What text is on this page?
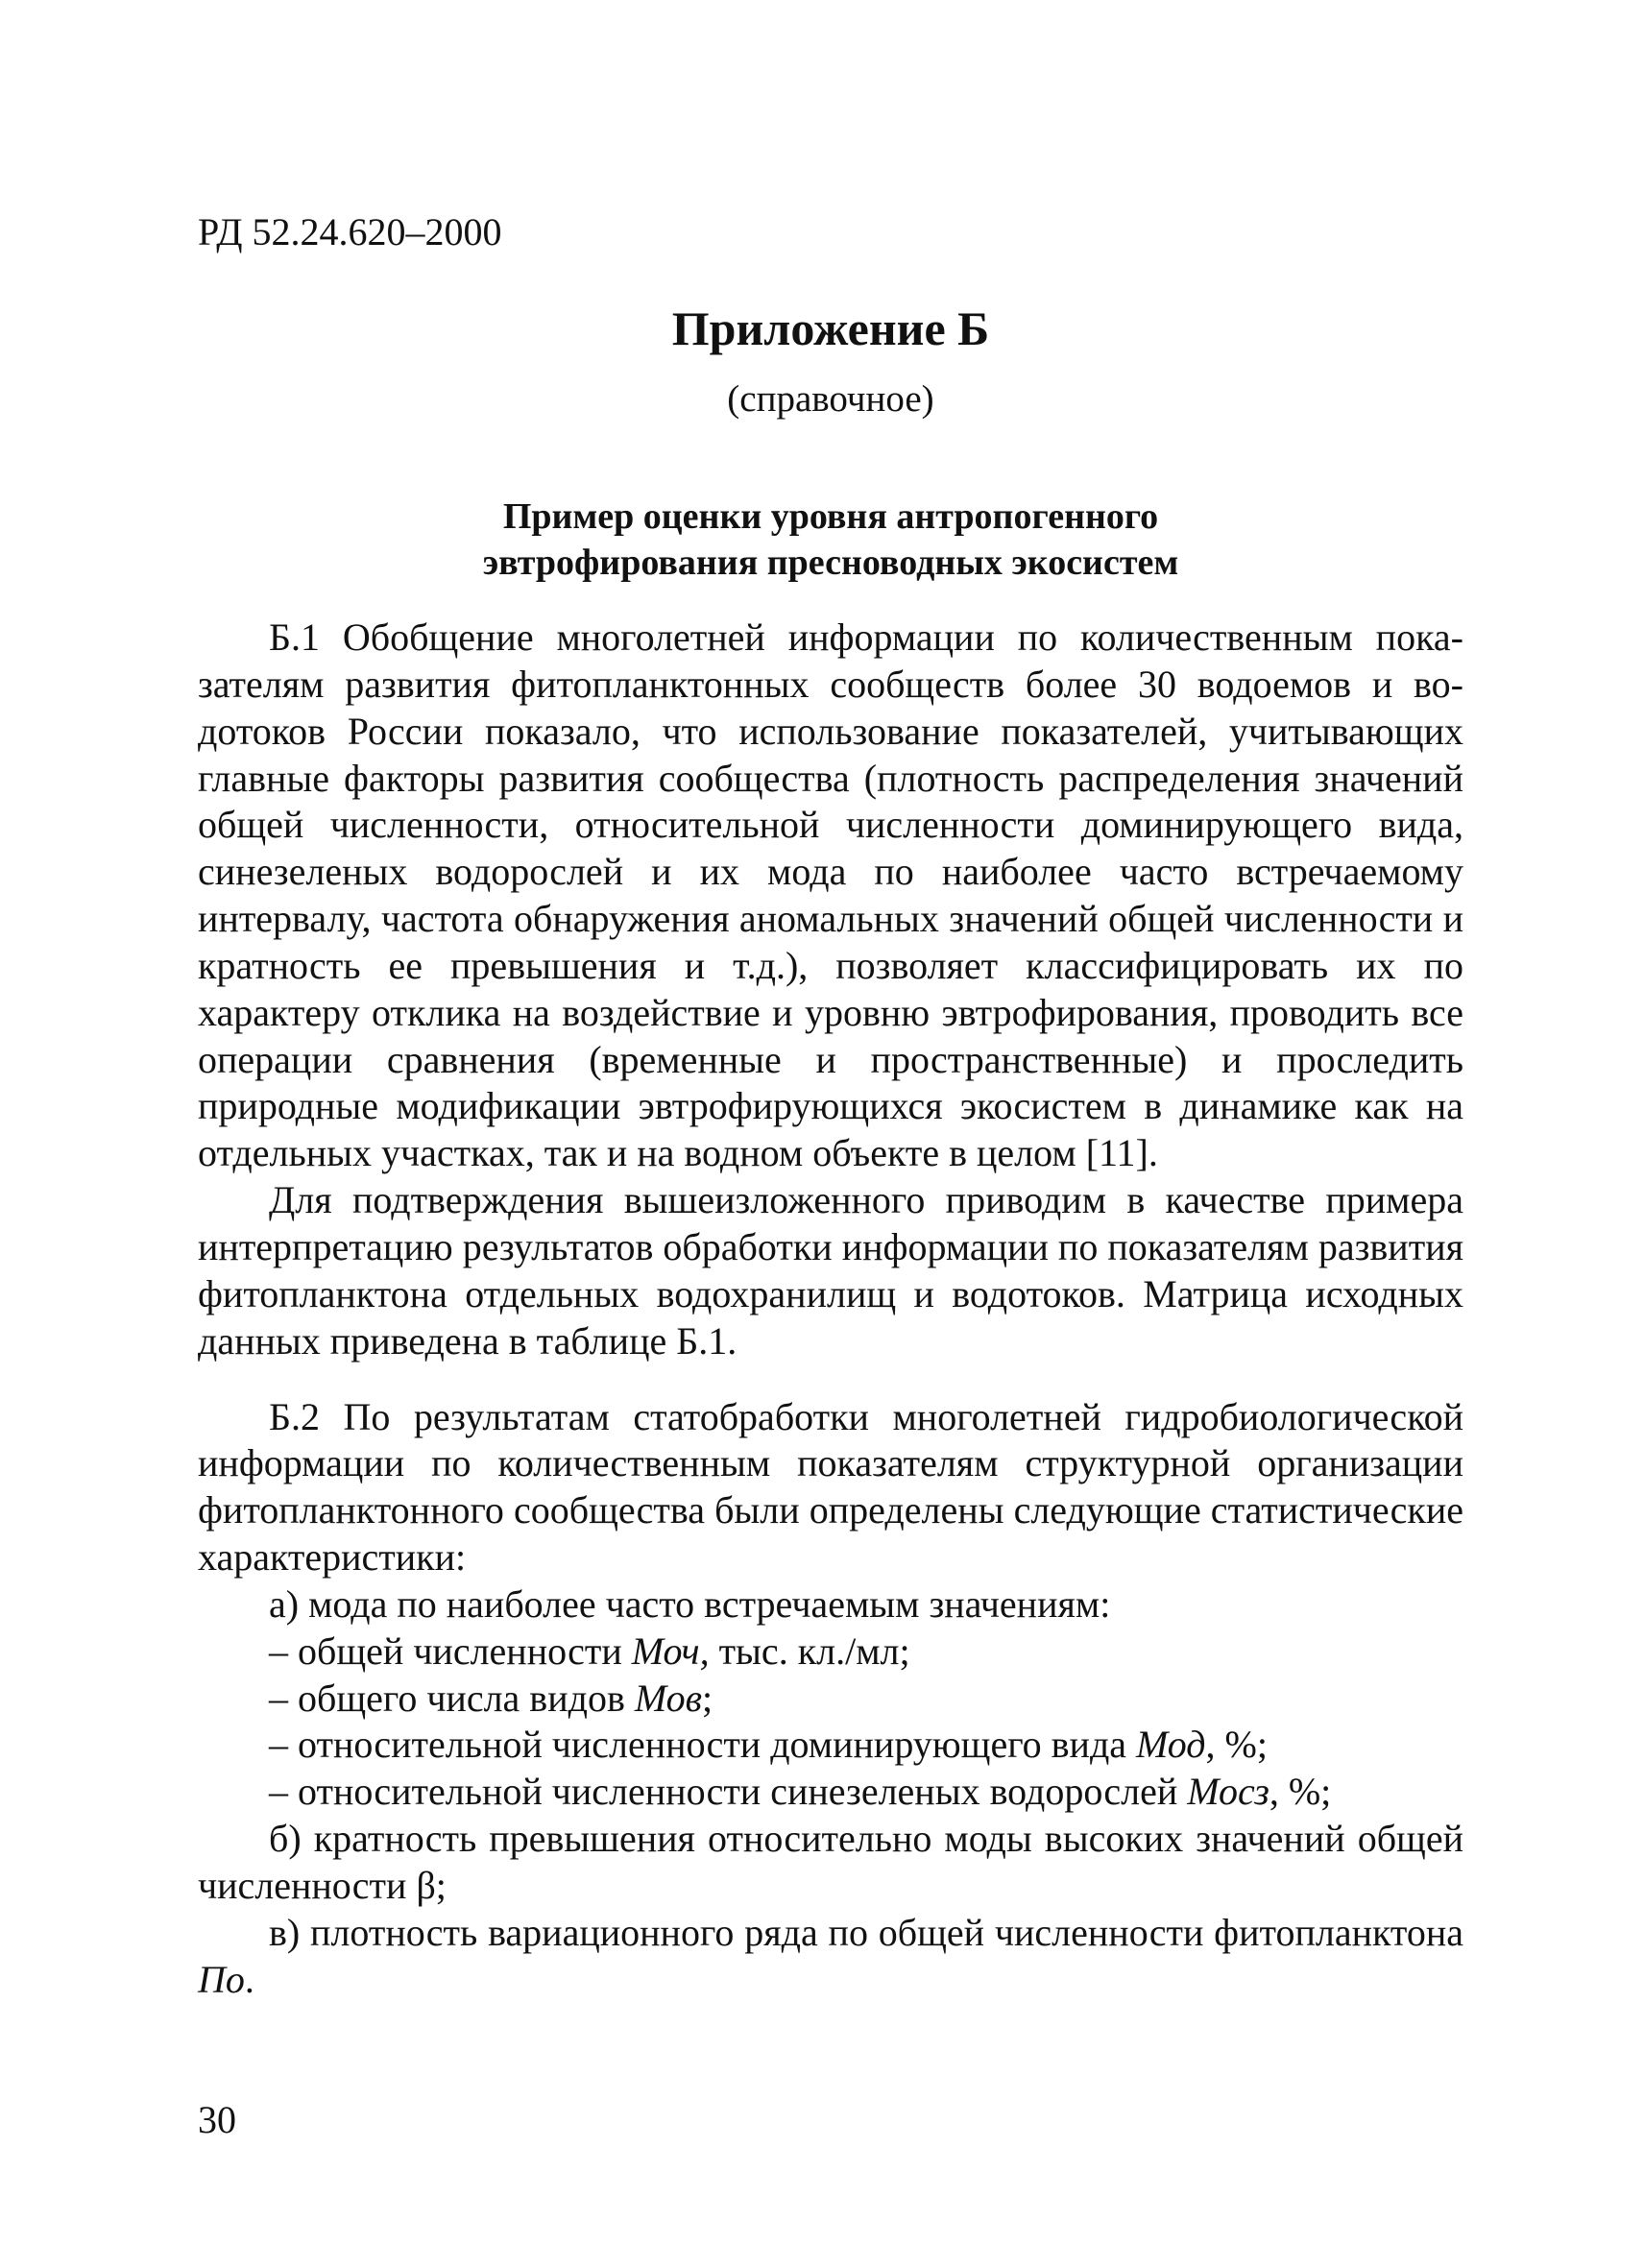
РД 52.24.620–2000
Приложение Б
(справочное)
Пример оценки уровня антропогенного
эвтрофирования пресноводных экосистем

Б.1 Обобщение многолетней информации по количественным показателям развития фитопланктонных сообществ более 30 водоемов и водотоков России показало, что использование показателей, учитывающих главные факторы развития сообщества (плотность распределения значений общей численности, относительной численности доминирующего вида, синезеленых водорослей и их мода по наиболее часто встречаемому интервалу, частота обнаружения аномальных значений общей численности и кратность ее превышения и т.д.), позволяет классифицировать их по характеру отклика на воздействие и уровню эвтрофирования, проводить все операции сравнения (временные и пространственные) и проследить природные модификации эвтрофирующихся экосистем в динамике как на отдельных участках, так и на водном объекте в целом [11].

Для подтверждения вышеизложенного приводим в качестве примера интерпретацию результатов обработки информации по показателям развития фитопланктона отдельных водохранилищ и водотоков. Матрица исходных данных приведена в таблице Б.1.

Б.2 По результатам статобработки многолетней гидробиологической информации по количественным показателям структурной организации фитопланктонного сообщества были определены следующие статистические характеристики:

а) мода по наиболее часто встречаемым значениям:

– общей численности Моч, тыс. кл./мл;

– общего числа видов Мов;

– относительной численности доминирующего вида Мод, %;

– относительной численности синезеленых водорослей Мосз, %;

б) кратность превышения относительно моды высоких значений общей численности β;

в) плотность вариационного ряда по общей численности фитопланктона По.

30
